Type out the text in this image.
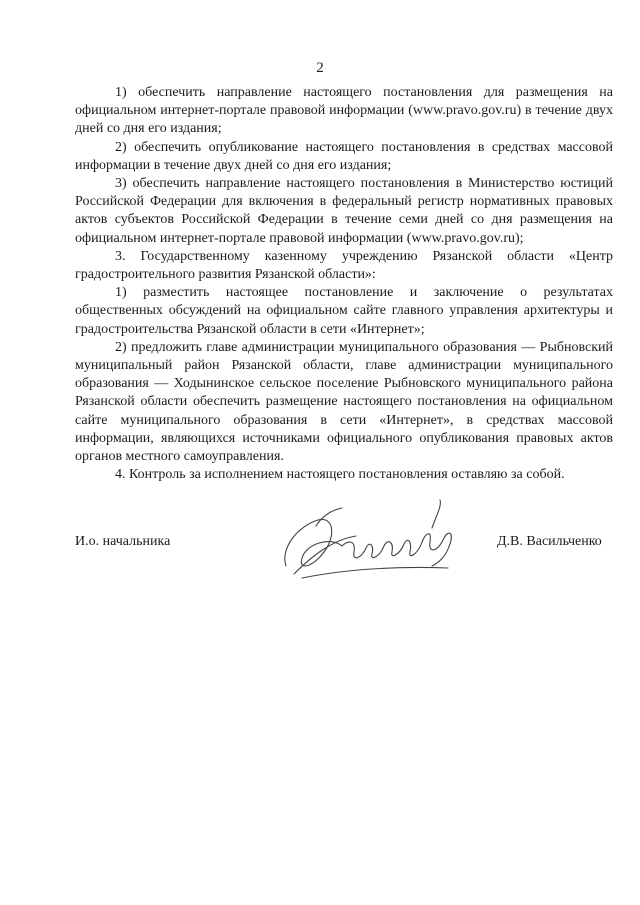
2

1) обеспечить направление настоящего постановления для размещения на официальном интернет-портале правовой информации (www.pravo.gov.ru) в течение двух дней со дня его издания;

2) обеспечить опубликование настоящего постановления в средствах массовой информации в течение двух дней со дня его издания;

3) обеспечить направление настоящего постановления в Министерство юстиций Российской Федерации для включения в федеральный регистр нормативных правовых актов субъектов Российской Федерации в течение семи дней со дня размещения на официальном интернет-портале правовой информации (www.pravo.gov.ru);

3. Государственному казенному учреждению Рязанской области «Центр градостроительного развития Рязанской области»:

1) разместить настоящее постановление и заключение о результатах общественных обсуждений на официальном сайте главного управления архитектуры и градостроительства Рязанской области в сети «Интернет»;

2) предложить главе администрации муниципального образования — Рыбновский муниципальный район Рязанской области, главе администрации муниципального образования — Ходынинское сельское поселение Рыбновского муниципального района Рязанской области обеспечить размещение настоящего постановления на официальном сайте муниципального образования в сети «Интернет», в средствах массовой информации, являющихся источниками официального опубликования правовых актов органов местного самоуправления.

4. Контроль за исполнением настоящего постановления оставляю за собой.

И.о. начальника	Д.В. Васильченко
